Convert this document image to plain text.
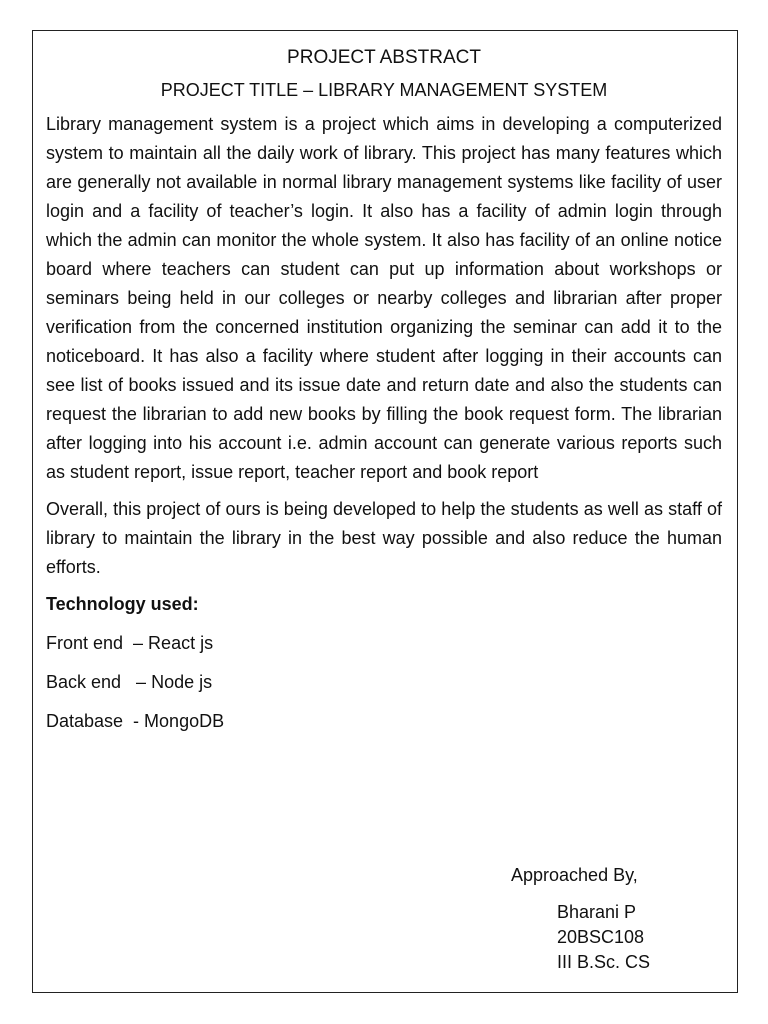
PROJECT ABSTRACT
PROJECT TITLE – LIBRARY MANAGEMENT SYSTEM

Library management system is a project which aims in developing a computerized system to maintain all the daily work of library. This project has many features which are generally not available in normal library management systems like facility of user login and a facility of teacher’s login. It also has a facility of admin login through which the admin can monitor the whole system. It also has facility of an online notice board where teachers can student can put up information about workshops or seminars being held in our colleges or nearby colleges and librarian after proper verification from the concerned institution organizing the seminar can add it to the noticeboard. It has also a facility where student after logging in their accounts can see list of books issued and its issue date and return date and also the students can request the librarian to add new books by filling the book request form. The librarian after logging into his account i.e. admin account can generate various reports such as student report, issue report, teacher report and book report

Overall, this project of ours is being developed to help the students as well as staff of library to maintain the library in the best way possible and also reduce the human efforts.

Technology used:

Front end  – React js

Back end   – Node js

Database  - MongoDB

Approached By,

Bharani P

20BSC108

III B.Sc. CS
